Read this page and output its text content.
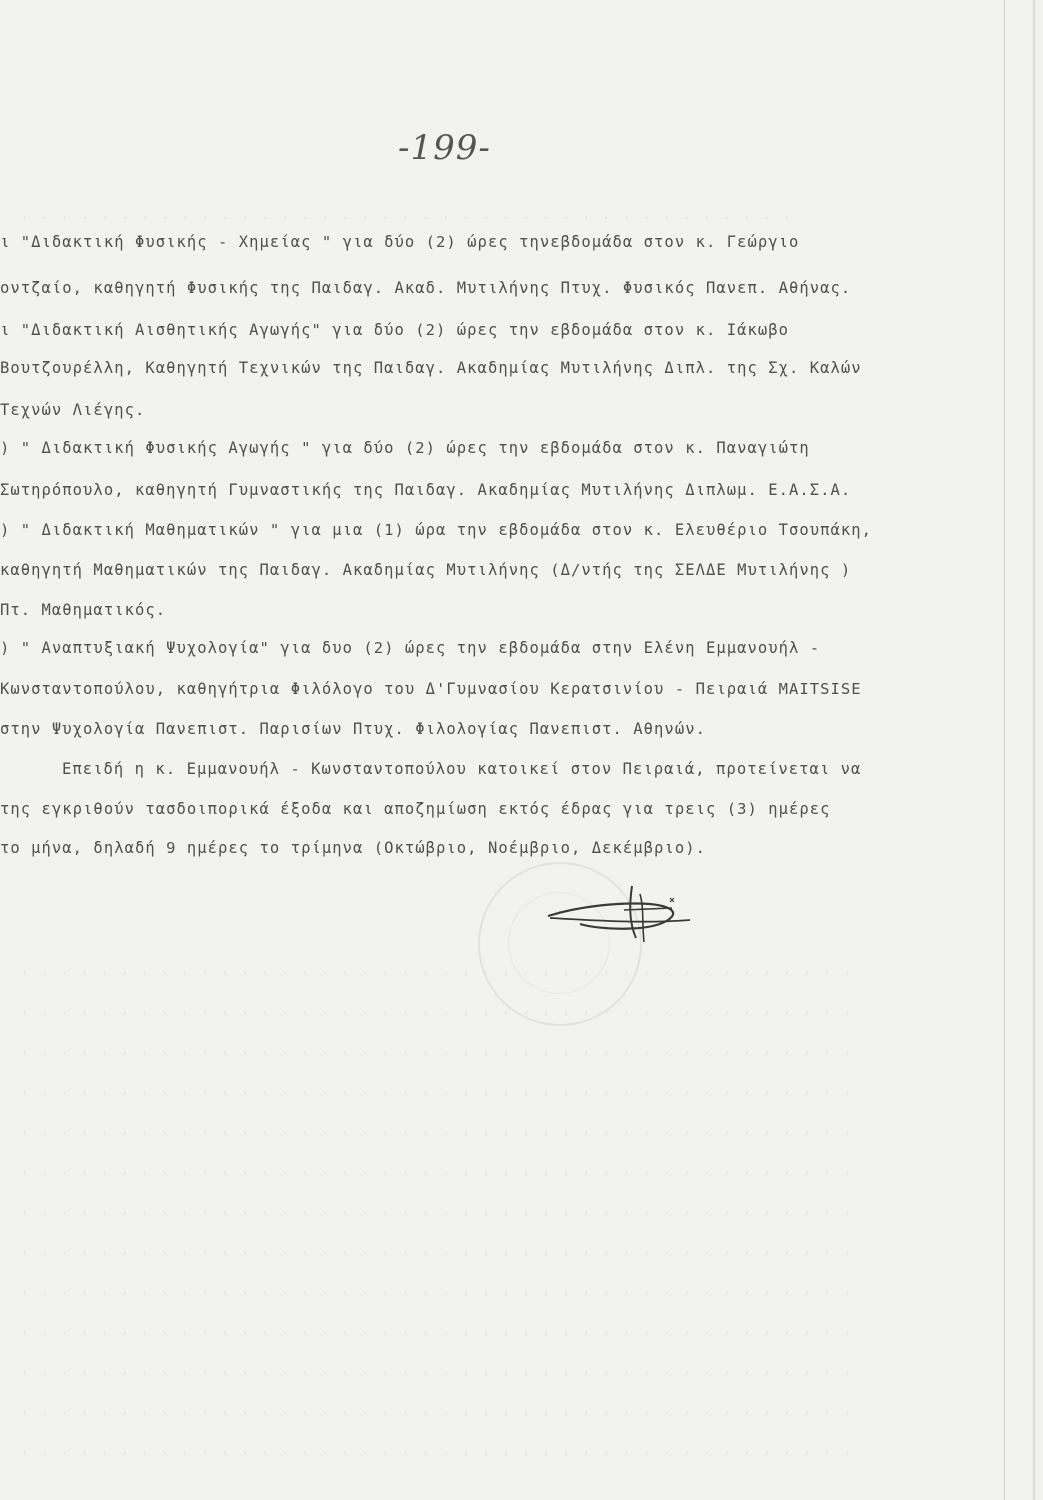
-199-
. . . . . . . . . . . . . . . . . . . . . . . . . . . . . . . . . . . . . . .
. . . . . . . . . . . . . . . . . . . . . . . . . . . . . . . . . . . . . . . . . .
. . . . . . . . . . . . . . . . . . . . . . . . . . . . . . . . . . . . . . . . . .
. . . . . . . . . . . . . . . . . . . . . . . . . . . . . . . . . . . . . . . . . .
. . . . . . . . . . . . . . . . . . . . . . . . . . . . . . . . . . . . . . . . . .
. . . . . . . . . . . . . . . . . . . . . . . . . . . . . . . . . . . . . . . . . .
. . . . . . . . . . . . . . . . . . . . . . . . . . . . . . . . . . . . . . . . . .
. . . . . . . . . . . . . . . . . . . . . . . . . . . . . . . . . . . . . . . . . .
. . . . . . . . . . . . . . . . . . . . . . . . . . . . . . . . . . . . . . . . . .
. . . . . . . . . . . . . . . . . . . . . . . . . . . . . . . . . . . . . . . . . .
. . . . . . . . . . . . . . . . . . . . . . . . . . . . . . . . . . . . . . . . . .
. . . . . . . . . . . . . . . . . . . . . . . . . . . . . . . . . . . . . . . . . .
. . . . . . . . . . . . . . . . . . . . . . . . . . . . . . . . . . . . . . . . . .
. . . . . . . . . . . . . . . . . . . . . . . . . . . . . . . . . . . . . . . . . .
ι "Διδακτική Φυσικής - Χημείας " για δύο (2) ώρες τηνεβδομάδα στον κ. Γεώργιο
οντζαίο, καθηγητή Φυσικής της Παιδαγ. Ακαδ. Μυτιλήνης Πτυχ. Φυσικός Πανεπ. Αθήνας.
ι "Διδακτική Αισθητικής Αγωγής" για δύο (2) ώρες την εβδομάδα στον κ. Ιάκωβο
Βουτζουρέλλη, Καθηγητή Τεχνικών της Παιδαγ. Ακαδημίας Μυτιλήνης Διπλ. της Σχ. Καλών
Τεχνών Λιέγης.
) " Διδακτική Φυσικής Αγωγής " για δύο (2) ώρες την εβδομάδα στον κ. Παναγιώτη
Σωτηρόπουλο, καθηγητή Γυμναστικής της Παιδαγ. Ακαδημίας Μυτιλήνης Διπλωμ. Ε.Α.Σ.Α.
) " Διδακτική Μαθηματικών " για μια (1) ώρα την εβδομάδα στον κ. Ελευθέριο Τσουπάκη,
καθηγητή Μαθηματικών της Παιδαγ. Ακαδημίας Μυτιλήνης (Δ/ντής της ΣΕΛΔΕ Μυτιλήνης )
Πτ. Μαθηματικός.
) " Αναπτυξιακή Ψυχολογία" για δυο (2) ώρες την εβδομάδα στην Ελένη Εμμανουήλ -
Κωνσταντοπούλου, καθηγήτρια Φιλόλογο του Δ'Γυμνασίου Κερατσινίου - Πειραιά MAITSISE
στην Ψυχολογία Πανεπιστ. Παρισίων Πτυχ. Φιλολογίας Πανεπιστ. Αθηνών.
Επειδή η κ. Εμμανουήλ - Κωνσταντοπούλου κατοικεί στον Πειραιά, προτείνεται να
της εγκριθούν τασδοιπορικά έξοδα και αποζημίωση εκτός έδρας για τρεις (3) ημέρες
το μήνα, δηλαδή 9 ημέρες το τρίμηνα (Οκτώβριο, Νοέμβριο, Δεκέμβριο).
